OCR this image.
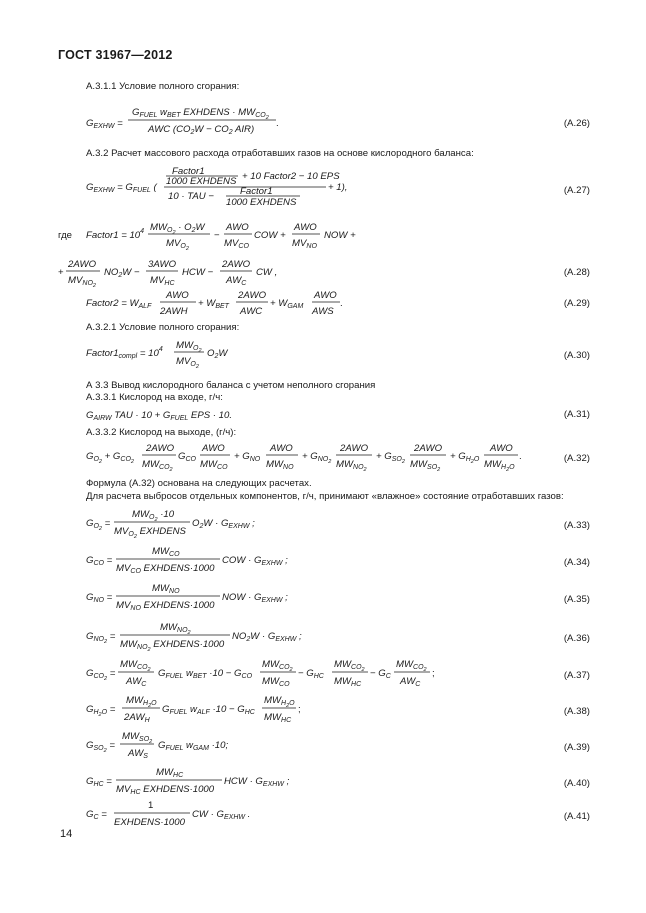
ГОСТ 31967—2012
А.3.1.1 Условие полного сгорания:
$G_{EXHW}$ =
$G_{FUEL}$ $w_{BET}$ EXHDENS · $MW_{CO2}$
AWC ($CO_2W - CO_2$ AIR)
.	(А.26)
А.3.2 Расчет массового расхода отработавших газов на основе кислородного баланса:
$G_{EXHW} = G_{FUEL}$ (
Factor1
1000 EXHDENS + 10 Factor2 − 10 EPS
10 · TAU −	Factor1
1000 EXHDENS
+ 1),	(А.27)
где Factor1 = $10^4$ $MW_{O2} \cdot O_2W$
$MV_{O2}$
−
AWO
$MV_{CO}$
COW +
AWO
$MV_{NO}$
NOW +
+
2AWO
$MV_{NO2}$
$NO_2W$ −
3AWO
$MV_{HC}$
HCW −
2AWO
$AW_C$
CW ,	(А.28)
Factor2 = $W_{ALF}$
AWO
2AWH
+ $W_{BET}$
2AWO
AWC
+ $W_{GAM}$
AWO
AWS
.	(А.29)
А.3.2.1 Условие полного сгорания:
$Factor1_{compl} = 10^4$ $MW_{O2}$
$MV_{O2}$
$O_2W$	(А.30)
А 3.3 Вывод кислородного баланса с учетом неполного сгорания
А.3.3.1 Кислород на входе, г/ч:
$G_{AIRW}$ TAU · $10 + G_{FUEL}$ EPS · 10.	(А.31)
А.3.3.2 Кислород на выходе, (г/ч):
$G_{O2} + G_{CO2}$
2AWO
$MW_{CO2}$
$G_{CO}$
AWO
$MW_{CO}$
+ $G_{NO}$
AWO
$MW_{NO}$
+ $G_{NO2}$
2AWO
$MW_{NO2}$
+ $G_{SO2}$
2AWO
$MW_{SO2}$
+ $G_{H2}^O$
AWO
$MW_{H2}^O$
.	(А.32)
Формула (А.32) основана на следующих расчетах.
Для расчета выбросов отдельных компонентов, г/ч, принимают «влажное» состояние отработавших газов:
$G_{O2}$ =
$MW_{O2} \cdot 10$
$MV_{O2}$ EXHDENS
$O_2W \cdot G_{EXHW}$ ;	(А.33)
$G_{CO}$ =
$MW_{CO}$
$MV_{CO}$ EXHDENS·1000
COW · $G_{EXHW}$ ;	(А.34)
$G_{NO}$ =
$MW_{NO}$
$MV_{NO}$ EXHDENS·1000
NOW · $G_{EXHW}$ ;	(А.35)
$G_{NO2}$ =
$MW_{NO2}$
$MW_{NO2}$ EXHDENS·1000
$NO_2W \cdot G_{EXHW}$ ;	(А.36)
$G_{CO2}$ =
$MW_{CO2}$
$AW_C$
$G_{FUEL}$ $w_{BET} \cdot 10 - G_{CO}$
$MW_{CO2}$
$MW_{CO}$
− $G_{HC}$
$MW_{CO2}$
$MW_{HC}$
− $G_C$
$MW_{CO2}$
$AW_C$
;	(А.37)
$G_{H2}^O$ =
$MW_{H2}^O$
$2AW_H$
$G_{FUEL}$ $w_{ALF} \cdot 10 - G_{HC}$
$MW_{H2}^O$
$MW_{HC}$
;	(А.38)
$G_{SO2}$ =
$MW_{SO2}$
$AW_S$
$G_{FUEL}$ $w_{GAM} \cdot 10$;	(А.39)
$G_{HC}$ =
$MW_{HC}$
$MV_{HC}$ EXHDENS·1000
HCW · $G_{EXHW}$ ;	(А.40)
$G_C$ =
1
EXHDENS·1000
CW · $G_{EXHW}$ .	(А.41)
14
